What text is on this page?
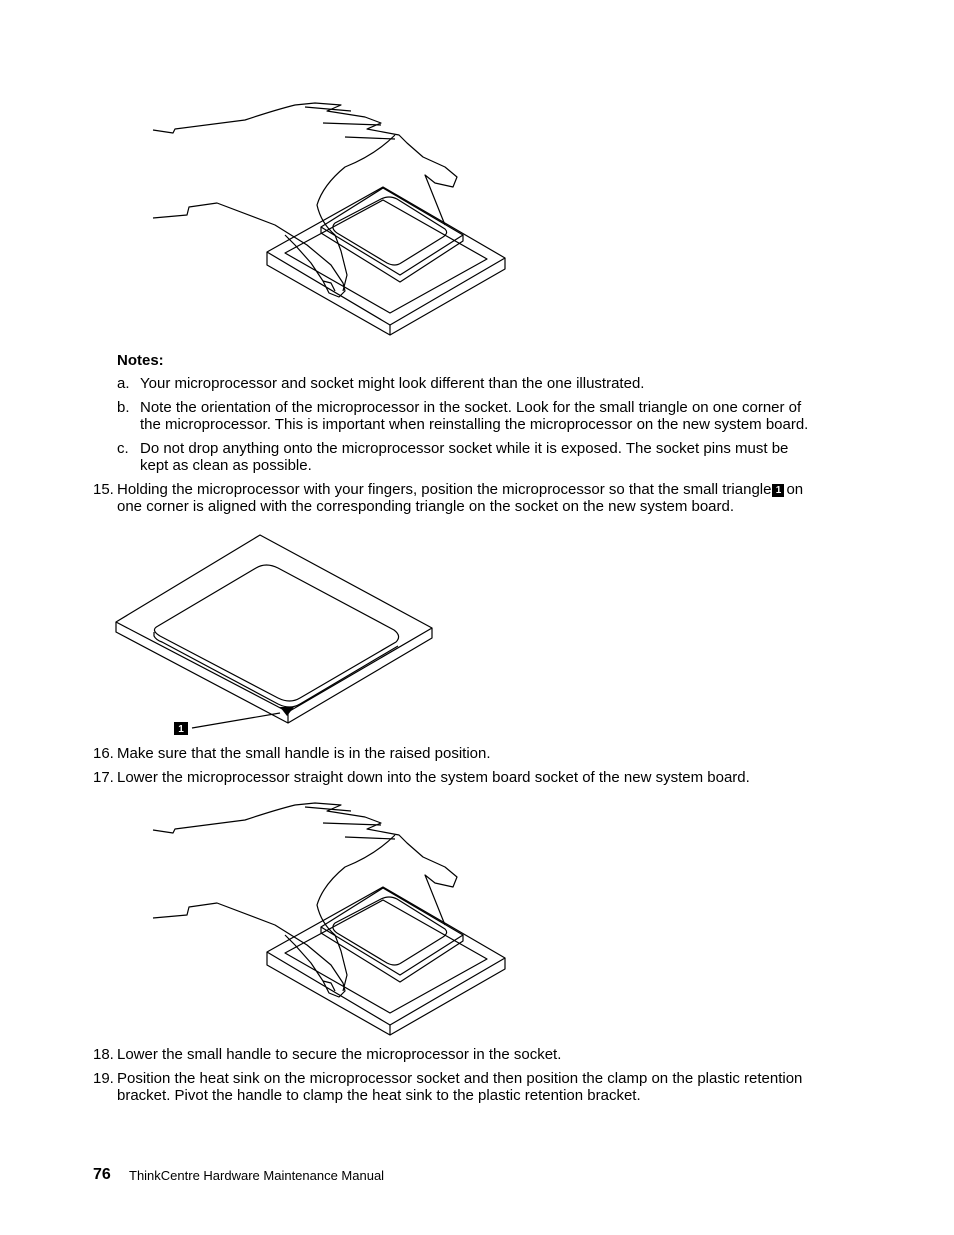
Notes:
a. Your microprocessor and socket might look different than the one illustrated.
b. Note the orientation of the microprocessor in the socket. Look for the small triangle on one corner of
the microprocessor. This is important when reinstalling the microprocessor on the new system board.
c. Do not drop anything onto the microprocessor socket while it is exposed. The socket pins must be
kept as clean as possible.
15. Holding the microprocessor with your fingers, position the microprocessor so that the small triangle 1 on
one corner is aligned with the corresponding triangle on the socket on the new system board.
1
16. Make sure that the small handle is in the raised position.
17. Lower the microprocessor straight down into the system board socket of the new system board.
18. Lower the small handle to secure the microprocessor in the socket.
19. Position the heat sink on the microprocessor socket and then position the clamp on the plastic retention
bracket. Pivot the handle to clamp the heat sink to the plastic retention bracket.
76 ThinkCentre Hardware Maintenance Manual
